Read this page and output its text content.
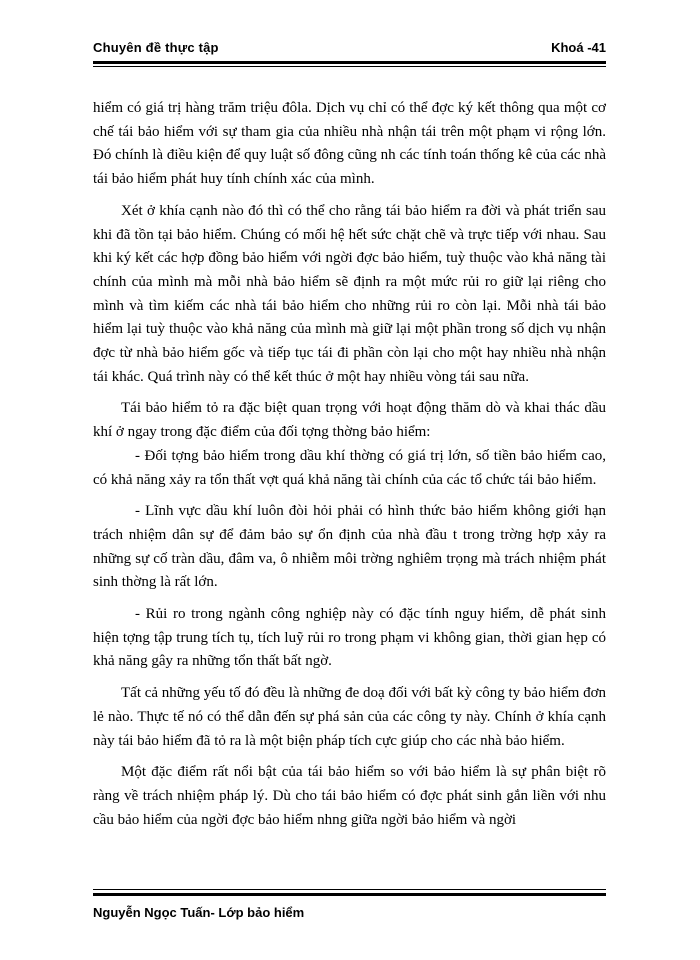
Chuyên đề thực tập	Khoá -41

hiểm có giá trị hàng trăm triệu đôla. Dịch vụ chỉ có thể đợc ký kết thông qua một cơ chế tái bảo hiểm với sự tham gia của nhiều nhà nhận tái trên một phạm vi rộng lớn. Đó chính là điều kiện để quy luật số đông cũng nh các tính toán thống kê của các nhà tái bảo hiểm phát huy tính chính xác của mình.

Xét ở khía cạnh nào đó thì có thể cho rằng tái bảo hiểm ra đời và phát triển sau khi đã tồn tại bảo hiểm. Chúng có mối hệ hết sức chặt chẽ và trực tiếp với nhau. Sau khi ký kết các hợp đồng bảo hiểm với ngời đợc bảo hiểm, tuỳ thuộc vào khả năng tài chính của mình mà mỗi nhà bảo hiểm sẽ định ra một mức rủi ro giữ lại riêng cho mình và tìm kiếm các nhà tái bảo hiểm cho những rủi ro còn lại. Mỗi nhà tái bảo hiểm lại tuỳ thuộc vào khả năng của mình mà giữ lại một phần trong số dịch vụ nhận đợc từ nhà bảo hiểm gốc và tiếp tục tái đi phần còn lại cho một hay nhiều nhà nhận tái khác. Quá trình này có thể kết thúc ở một hay nhiều vòng tái sau nữa.

Tái bảo hiểm tỏ ra đặc biệt quan trọng với hoạt động thăm dò và khai thác dầu khí ở ngay trong đặc điểm của đối tợng thờng bảo hiểm:

- Đối tợng bảo hiểm trong dầu khí thờng có giá trị lớn, số tiền bảo hiểm cao, có khả năng xảy ra tổn thất vợt quá khả năng tài chính của các tổ chức tái bảo hiểm.

- Lĩnh vực dầu khí luôn đòi hỏi phải có hình thức bảo hiểm không giới hạn trách nhiệm dân sự để đảm bảo sự ổn định của nhà đầu t trong trờng hợp xảy ra những sự cố tràn dầu, đâm va, ô nhiễm môi trờng nghiêm trọng mà trách nhiệm phát sinh thờng là rất lớn.

- Rủi ro trong ngành công nghiệp này có đặc tính nguy hiểm, dễ phát sinh hiện tợng tập trung tích tụ, tích luỹ rủi ro trong phạm vi không gian, thời gian hẹp có khả năng gây ra những tổn thất bất ngờ.

Tất cả những yếu tố đó đều là những đe doạ đối với bất kỳ công ty bảo hiểm đơn lẻ nào. Thực tế nó có thể dẫn đến sự phá sản của các công ty này. Chính ở khía cạnh này tái bảo hiểm đã tỏ ra là một biện pháp tích cực giúp cho các nhà bảo hiểm.

Một đặc điểm rất nổi bật của tái bảo hiểm so với bảo hiểm là sự phân biệt rõ ràng về trách nhiệm pháp lý. Dù cho tái bảo hiểm có đợc phát sinh gắn liền với nhu cầu bảo hiểm của ngời đợc bảo hiểm nhng giữa ngời bảo hiểm và ngời

Nguyễn Ngọc Tuấn- Lớp bảo hiểm
